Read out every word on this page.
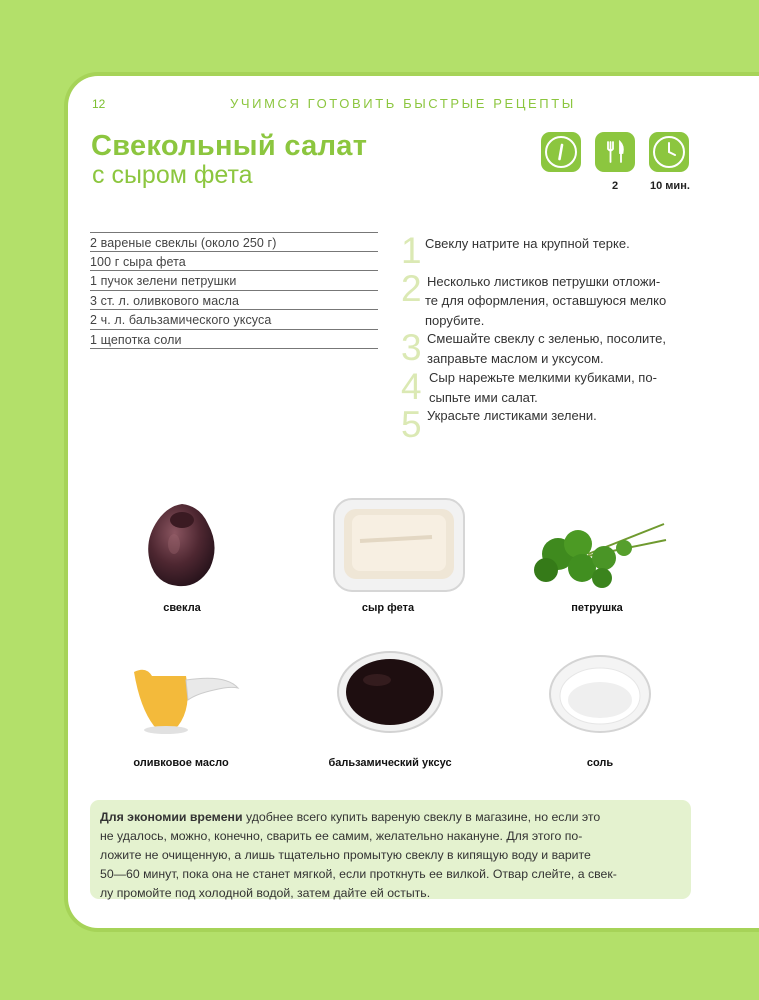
12	УЧИМСЯ ГОТОВИТЬ БЫСТРЫЕ РЕЦЕПТЫ
Свекольный салат
с сыром фета	2	10 мин.
2 вареные свеклы (около 250 г)
100 г сыра фета
1 пучок зелени петрушки
3 ст. л. оливкового масла
2 ч. л. бальзамического уксуса
1 щепотка соли
1 Свеклу натрите на крупной терке.
2 Несколько листиков петрушки отложи-
те для оформления, оставшуюся мелко
порубите.
3 Смешайте свеклу с зеленью, посолите,
заправьте маслом и уксусом.
4 Сыр нарежьте мелкими кубиками, по-
сыпьте ими салат.
5 Украсьте листиками зелени.
свекла	сыр фета	петрушка
оливковое масло	бальзамический уксус	соль

Для экономии времени удобнее всего купить вареную свеклу в магазине, но если это

не удалось, можно, конечно, сварить ее самим, желательно накануне. Для этого по-

ложите не очищенную, а лишь тщательно промытую свеклу в кипящую воду и варите

50—60 минут, пока она не станет мягкой, если проткнуть ее вилкой. Отвар слейте, а свек-

лу промойте под холодной водой, затем дайте ей остыть.
